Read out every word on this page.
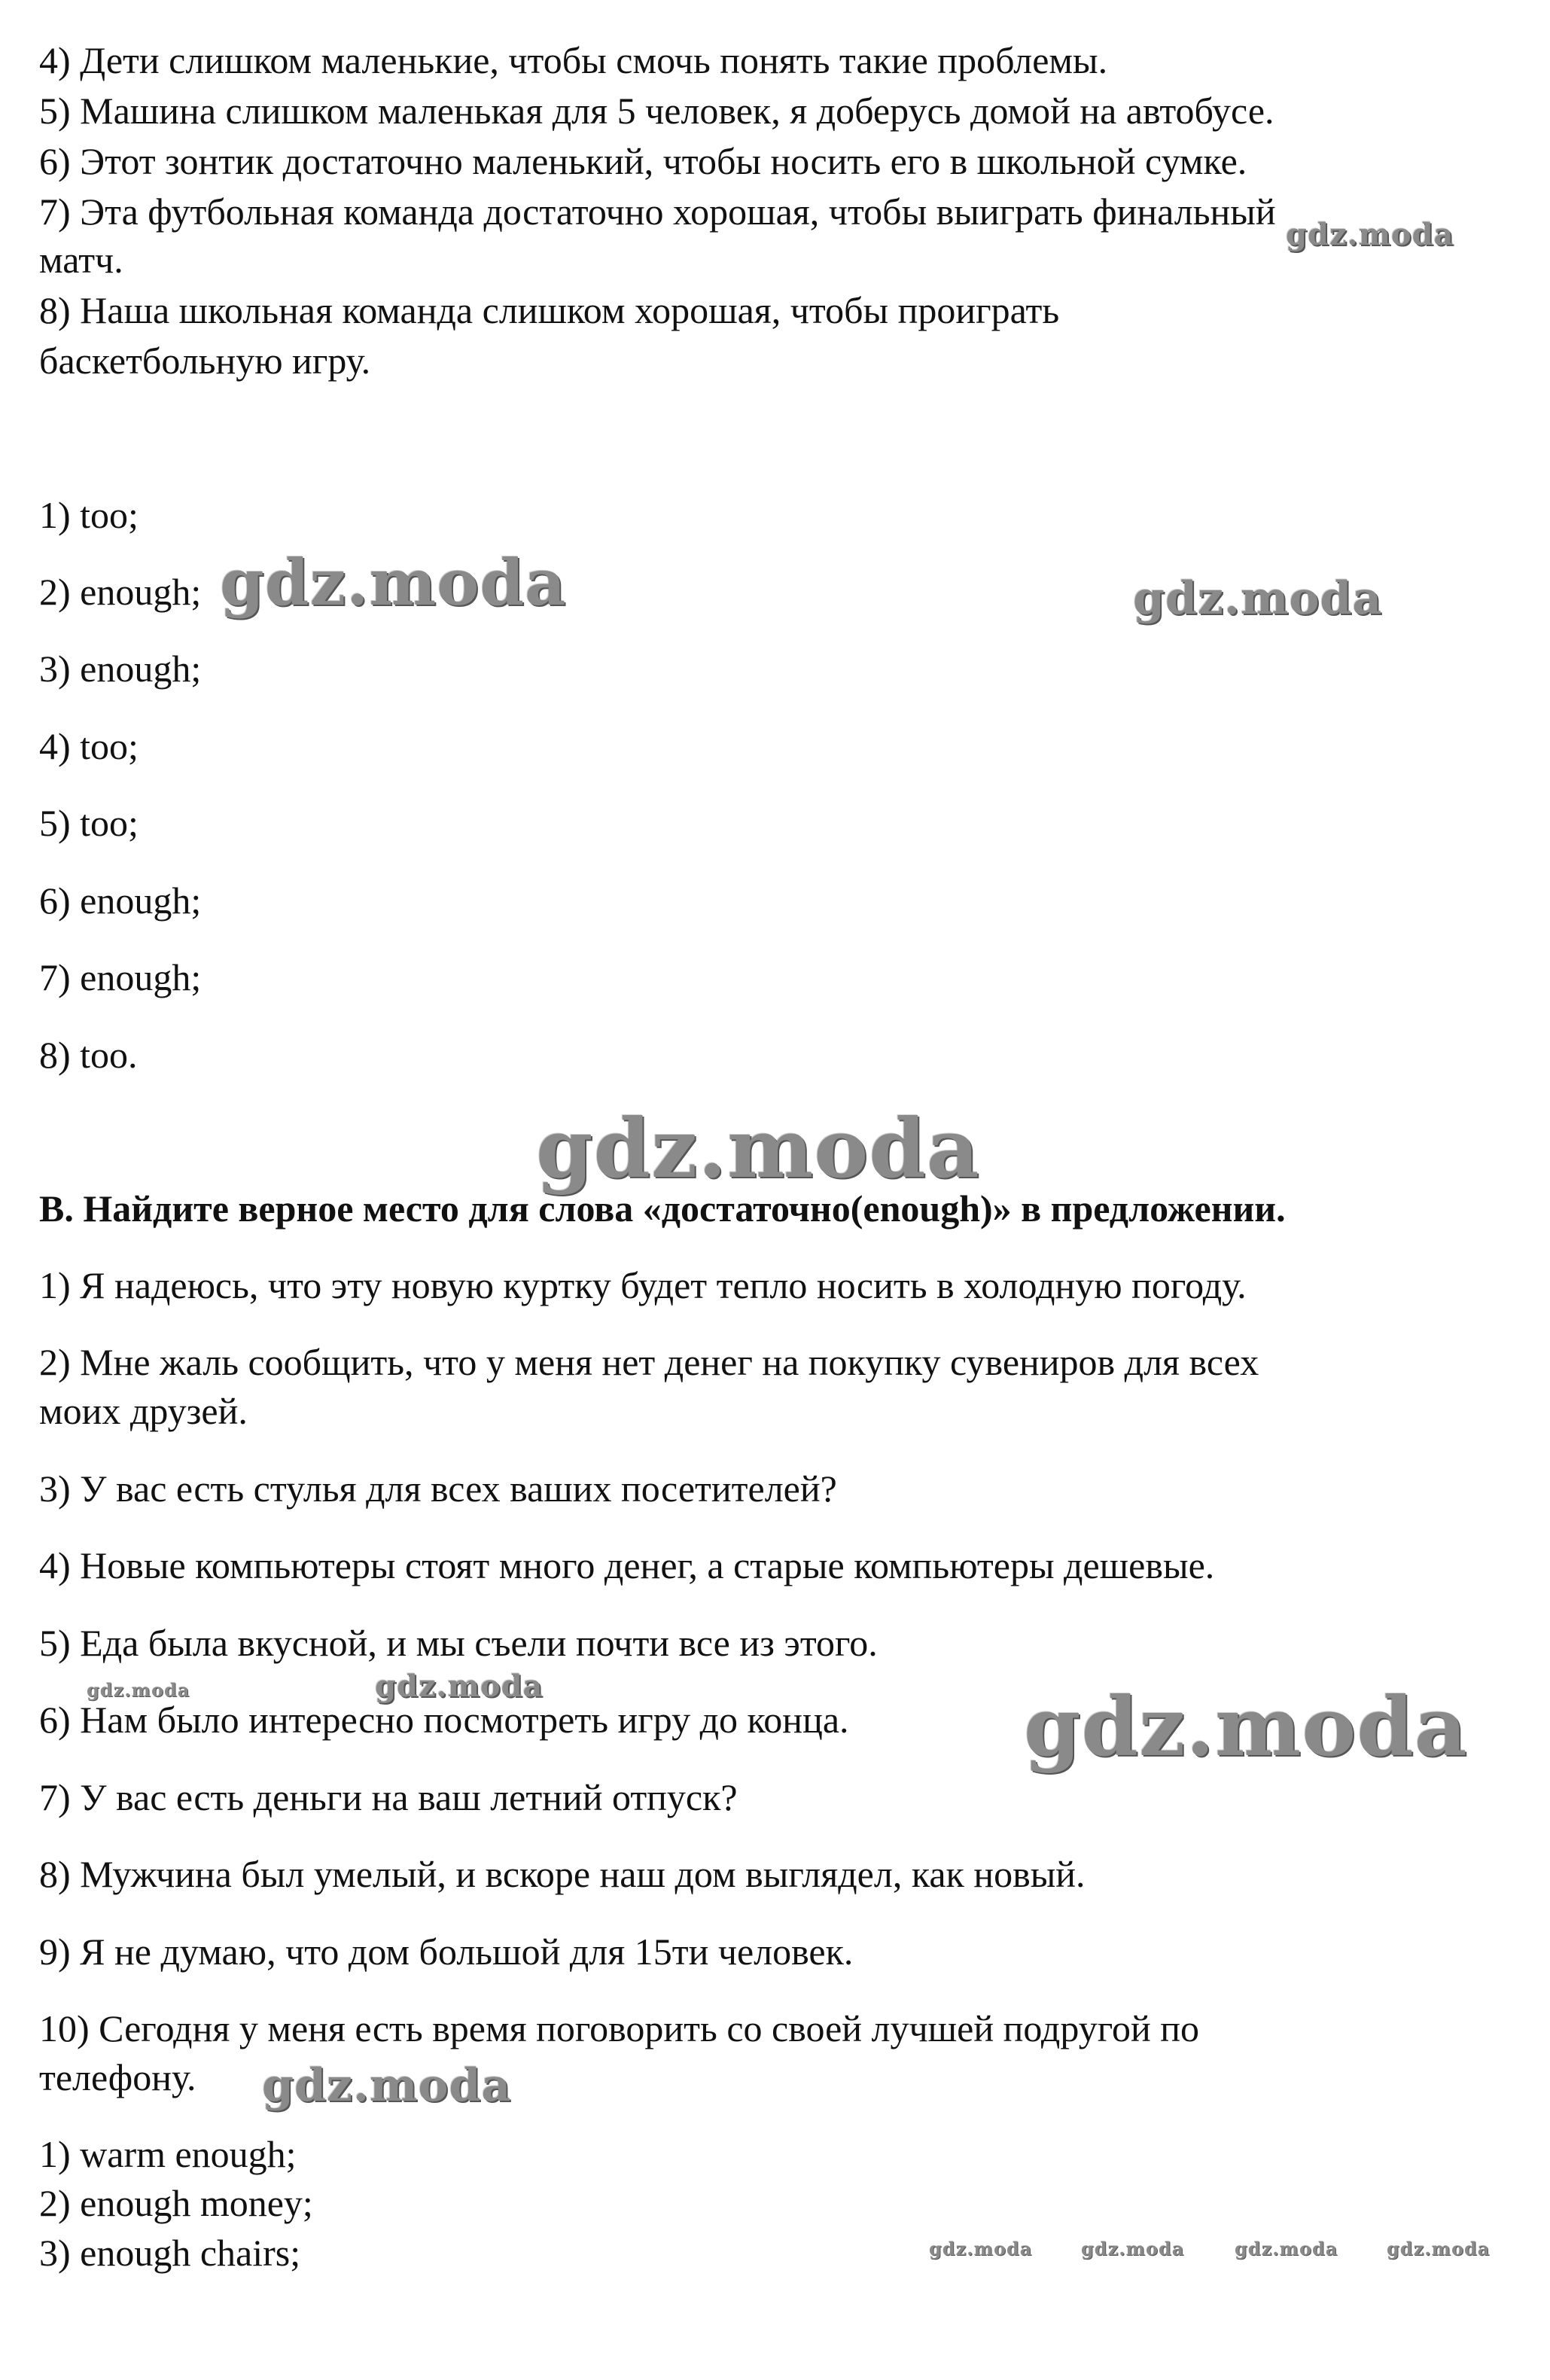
4) Дети слишком маленькие, чтобы смочь понять такие проблемы.
5) Машина слишком маленькая для 5 человек, я доберусь домой на автобусе.
6) Этот зонтик достаточно маленький, чтобы носить его в школьной сумке.
7) Эта футбольная команда достаточно хорошая, чтобы выиграть финальный
матч.
8) Наша школьная команда слишком хорошая, чтобы проиграть
баскетбольную игру.
1) too;
2) enough;
3) enough;
4) too;
5) too;
6) enough;
7) enough;
8) too.
B. Найдите верное место для слова «достаточно(enough)» в предложении.
1) Я надеюсь, что эту новую куртку будет тепло носить в холодную погоду.
2) Мне жаль сообщить, что у меня нет денег на покупку сувениров для всех
моих друзей.
3) У вас есть стулья для всех ваших посетителей?
4) Новые компьютеры стоят много денег, а старые компьютеры дешевые.
5) Еда была вкусной, и мы съели почти все из этого.
6) Нам было интересно посмотреть игру до конца.
7) У вас есть деньги на ваш летний отпуск?
8) Мужчина был умелый, и вскоре наш дом выглядел, как новый.
9) Я не думаю, что дом большой для 15ти человек.
10) Сегодня у меня есть время поговорить со своей лучшей подругой по
телефону.
1) warm enough;
2) enough money;
3) enough chairs;
gdz.moda
gdz.moda	gdz.moda
gdz.moda
gdz.moda	gdz.moda	gdz.moda
gdz.moda
gdz.moda	gdz.moda	gdz.moda	gdz.moda
